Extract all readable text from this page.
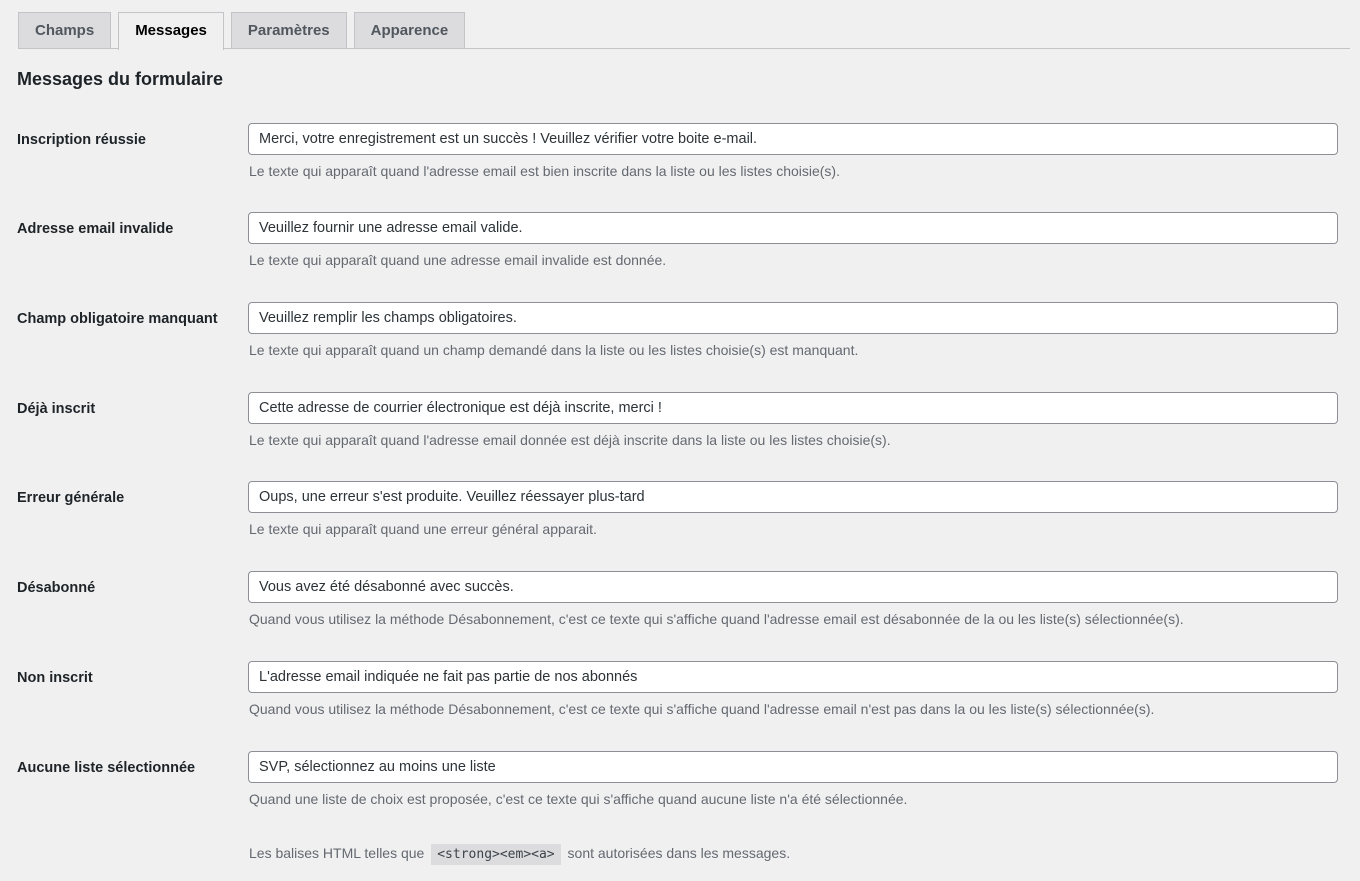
Champs	Messages	Paramètres	Apparence
Messages du formulaire
Inscription réussie
Merci, votre enregistrement est un succès ! Veuillez vérifier votre boite e-mail.
Le texte qui apparaît quand l'adresse email est bien inscrite dans la liste ou les listes choisie(s).
Adresse email invalide
Veuillez fournir une adresse email valide.
Le texte qui apparaît quand une adresse email invalide est donnée.
Champ obligatoire manquant
Veuillez remplir les champs obligatoires.
Le texte qui apparaît quand un champ demandé dans la liste ou les listes choisie(s) est manquant.
Déjà inscrit
Cette adresse de courrier électronique est déjà inscrite, merci !
Le texte qui apparaît quand l'adresse email donnée est déjà inscrite dans la liste ou les listes choisie(s).
Erreur générale
Oups, une erreur s'est produite. Veuillez réessayer plus-tard
Le texte qui apparaît quand une erreur général apparait.
Désabonné
Vous avez été désabonné avec succès.
Quand vous utilisez la méthode Désabonnement, c'est ce texte qui s'affiche quand l'adresse email est désabonnée de la ou les liste(s) sélectionnée(s).
Non inscrit
L'adresse email indiquée ne fait pas partie de nos abonnés
Quand vous utilisez la méthode Désabonnement, c'est ce texte qui s'affiche quand l'adresse email n'est pas dans la ou les liste(s) sélectionnée(s).
Aucune liste sélectionnée
SVP, sélectionnez au moins une liste
Quand une liste de choix est proposée, c'est ce texte qui s'affiche quand aucune liste n'a été sélectionnée.
Les balises HTML telles que <strong><em><a> sont autorisées dans les messages.
